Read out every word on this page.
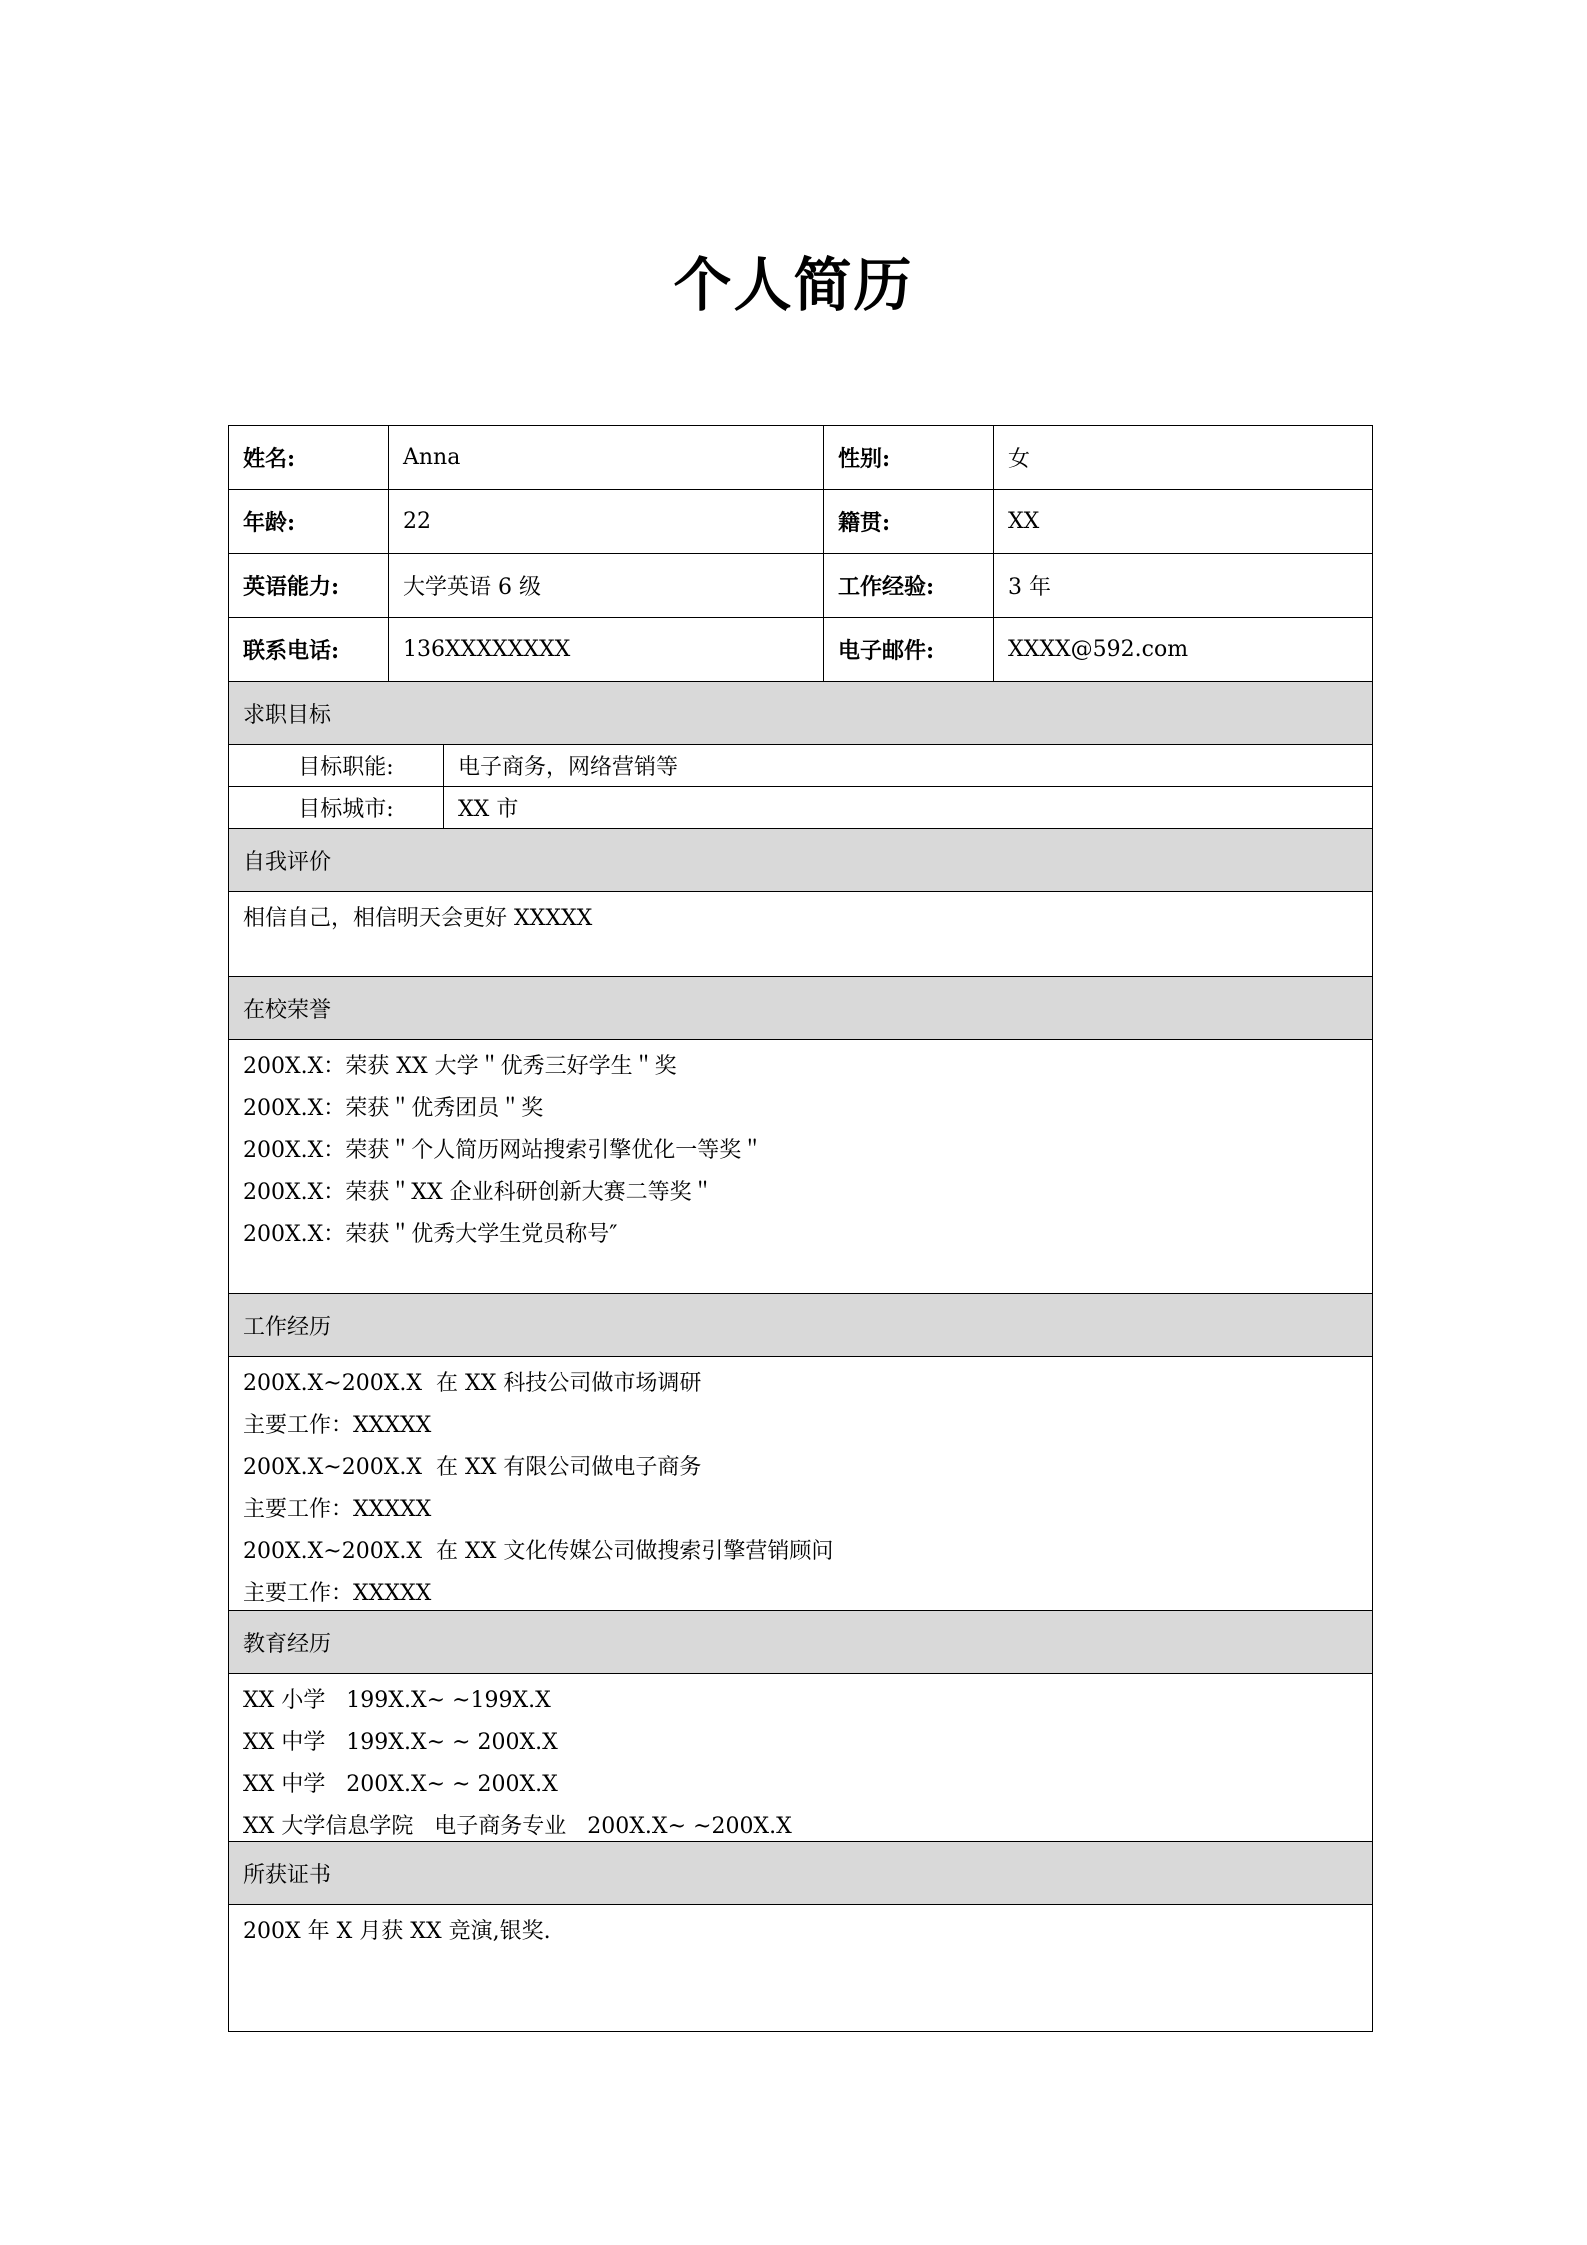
个人简历
姓名:	Anna	性别:	女
年龄:	22	籍贯:	XX
英语能力:	大学英语 6 级	工作经验:	3 年
联系电话:	136XXXXXXXX	电子邮件:	XXXX@592.com
求职目标
目标职能:	电子商务，网络营销等
目标城市:	XX 市
自我评价
相信自己，相信明天会更好 XXXXX
在校荣誉
200X.X：荣获 XX 大学＂优秀三好学生＂奖
200X.X：荣获＂优秀团员＂奖
200X.X：荣获＂个人简历网站搜索引擎优化一等奖＂
200X.X：荣获＂XX 企业科研创新大赛二等奖＂
200X.X：荣获＂优秀大学生党员称号″
工作经历
200X.X~200X.X  在 XX 科技公司做市场调研
主要工作：XXXXX
200X.X~200X.X  在 XX 有限公司做电子商务
主要工作：XXXXX
200X.X~200X.X  在 XX 文化传媒公司做搜索引擎营销顾问
主要工作：XXXXX
教育经历
XX 小学   199X.X~ ~199X.X
XX 中学   199X.X~ ~ 200X.X
XX 中学   200X.X~ ~ 200X.X
XX 大学信息学院   电子商务专业   200X.X~ ~200X.X
所获证书
200X 年 X 月获 XX 竞演,银奖.
